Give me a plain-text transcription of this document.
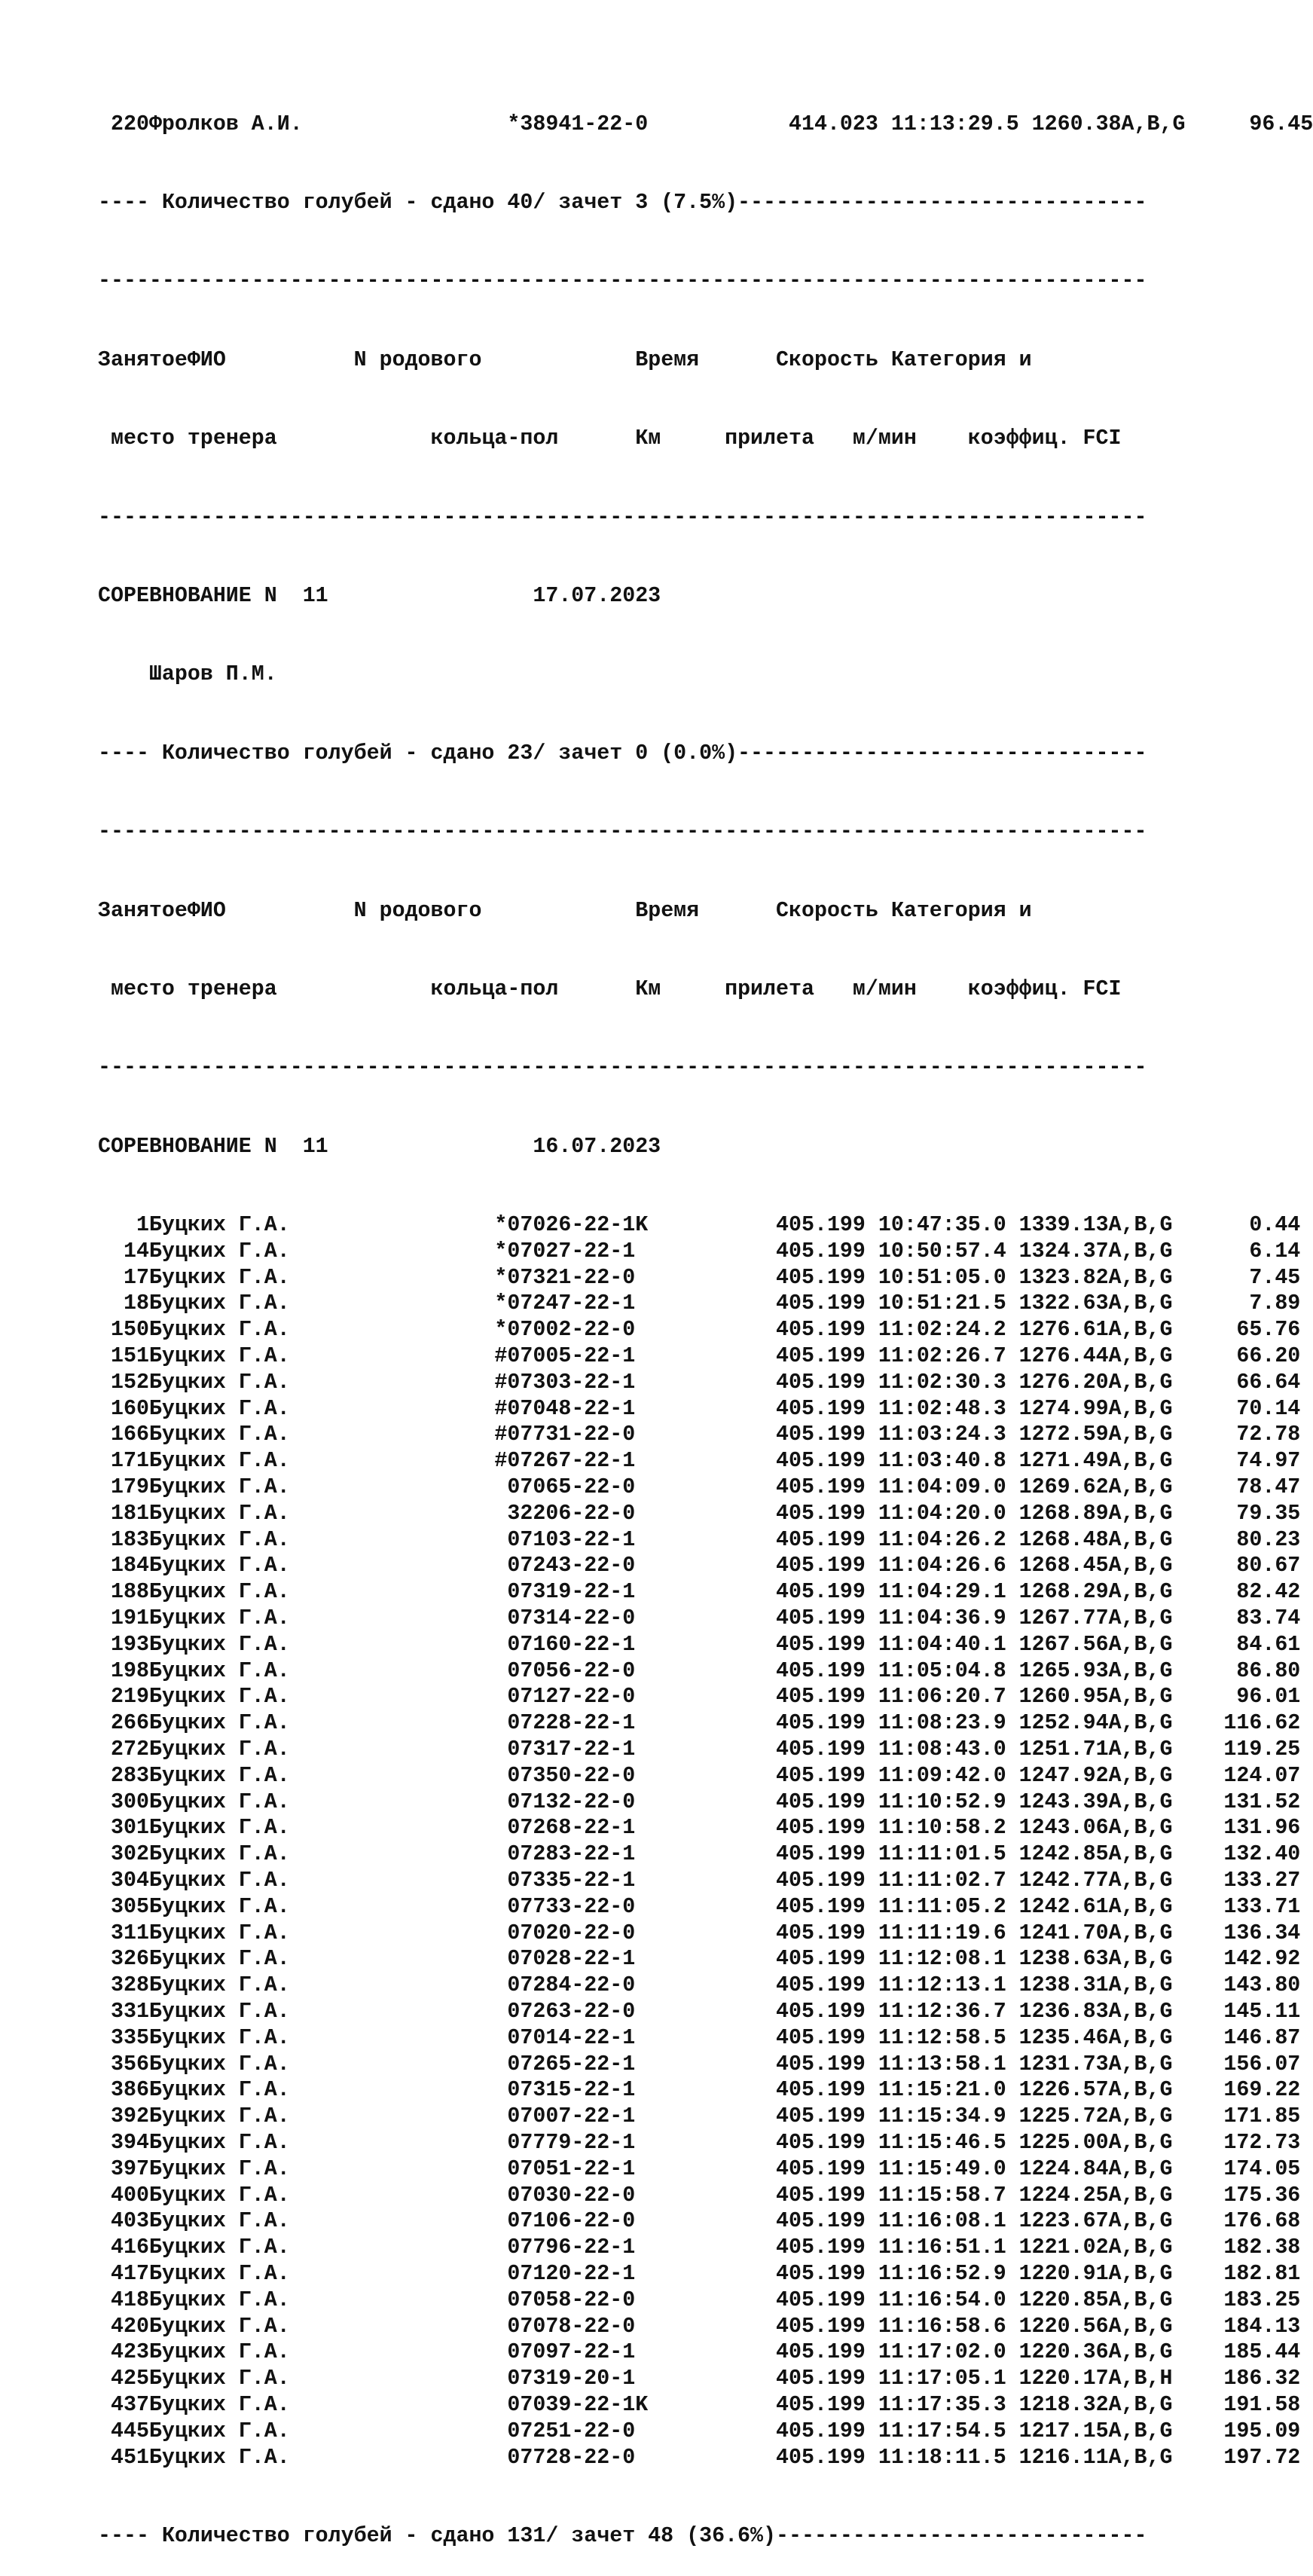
220Фролков А.И.                *38941-22-0           414.023 11:13:29.5 1260.38A,B,G     96.45

---- Количество голубей - сдано 40/ зачет 3 (7.5%)--------------------------------

----------------------------------------------------------------------------------

ЗанятоеФИО          N родового            Время      Скорость Категория и

место тренера            кольца-пол      Км     прилета   м/мин    коэффиц. FCI

----------------------------------------------------------------------------------

СОРЕВНОВАНИЕ N  11                17.07.2023

Шаров П.М.

---- Количество голубей - сдано 23/ зачет 0 (0.0%)--------------------------------

----------------------------------------------------------------------------------

ЗанятоеФИО          N родового            Время      Скорость Категория и

место тренера            кольца-пол      Км     прилета   м/мин    коэффиц. FCI

----------------------------------------------------------------------------------

СОРЕВНОВАНИЕ N  11                16.07.2023

1Буцких Г.А.                *07026-22-1K          405.199 10:47:35.0 1339.13A,B,G      0.44
14Буцких Г.А.                *07027-22-1           405.199 10:50:57.4 1324.37A,B,G      6.14
17Буцких Г.А.                *07321-22-0           405.199 10:51:05.0 1323.82A,B,G      7.45
18Буцких Г.А.                *07247-22-1           405.199 10:51:21.5 1322.63A,B,G      7.89
150Буцких Г.А.                *07002-22-0           405.199 11:02:24.2 1276.61A,B,G     65.76
151Буцких Г.А.                #07005-22-1           405.199 11:02:26.7 1276.44A,B,G     66.20
152Буцких Г.А.                #07303-22-1           405.199 11:02:30.3 1276.20A,B,G     66.64
160Буцких Г.А.                #07048-22-1           405.199 11:02:48.3 1274.99A,B,G     70.14
166Буцких Г.А.                #07731-22-0           405.199 11:03:24.3 1272.59A,B,G     72.78
171Буцких Г.А.                #07267-22-1           405.199 11:03:40.8 1271.49A,B,G     74.97
179Буцких Г.А.	07065-22-0           405.199 11:04:09.0 1269.62A,B,G     78.47
181Буцких Г.А.	32206-22-0           405.199 11:04:20.0 1268.89A,B,G     79.35
183Буцких Г.А.	07103-22-1           405.199 11:04:26.2 1268.48A,B,G     80.23
184Буцких Г.А.	07243-22-0           405.199 11:04:26.6 1268.45A,B,G     80.67
188Буцких Г.А.	07319-22-1           405.199 11:04:29.1 1268.29A,B,G     82.42
191Буцких Г.А.	07314-22-0           405.199 11:04:36.9 1267.77A,B,G     83.74
193Буцких Г.А.	07160-22-1           405.199 11:04:40.1 1267.56A,B,G     84.61
198Буцких Г.А.	07056-22-0           405.199 11:05:04.8 1265.93A,B,G     86.80
219Буцких Г.А.	07127-22-0           405.199 11:06:20.7 1260.95A,B,G     96.01
266Буцких Г.А.	07228-22-1           405.199 11:08:23.9 1252.94A,B,G    116.62
272Буцких Г.А.	07317-22-1           405.199 11:08:43.0 1251.71A,B,G    119.25
283Буцких Г.А.	07350-22-0           405.199 11:09:42.0 1247.92A,B,G    124.07
300Буцких Г.А.	07132-22-0           405.199 11:10:52.9 1243.39A,B,G    131.52
301Буцких Г.А.	07268-22-1           405.199 11:10:58.2 1243.06A,B,G    131.96
302Буцких Г.А.	07283-22-1           405.199 11:11:01.5 1242.85A,B,G    132.40
304Буцких Г.А.	07335-22-1           405.199 11:11:02.7 1242.77A,B,G    133.27
305Буцких Г.А.	07733-22-0           405.199 11:11:05.2 1242.61A,B,G    133.71
311Буцких Г.А.	07020-22-0           405.199 11:11:19.6 1241.70A,B,G    136.34
326Буцких Г.А.	07028-22-1           405.199 11:12:08.1 1238.63A,B,G    142.92
328Буцких Г.А.	07284-22-0           405.199 11:12:13.1 1238.31A,B,G    143.80
331Буцких Г.А.	07263-22-0           405.199 11:12:36.7 1236.83A,B,G    145.11
335Буцких Г.А.	07014-22-1           405.199 11:12:58.5 1235.46A,B,G    146.87
356Буцких Г.А.	07265-22-1           405.199 11:13:58.1 1231.73A,B,G    156.07
386Буцких Г.А.	07315-22-1           405.199 11:15:21.0 1226.57A,B,G    169.22
392Буцких Г.А.	07007-22-1           405.199 11:15:34.9 1225.72A,B,G    171.85
394Буцких Г.А.	07779-22-1           405.199 11:15:46.5 1225.00A,B,G    172.73
397Буцких Г.А.	07051-22-1           405.199 11:15:49.0 1224.84A,B,G    174.05
400Буцких Г.А.	07030-22-0           405.199 11:15:58.7 1224.25A,B,G    175.36
403Буцких Г.А.	07106-22-0           405.199 11:16:08.1 1223.67A,B,G    176.68
416Буцких Г.А.	07796-22-1           405.199 11:16:51.1 1221.02A,B,G    182.38
417Буцких Г.А.	07120-22-1           405.199 11:16:52.9 1220.91A,B,G    182.81
418Буцких Г.А.	07058-22-0           405.199 11:16:54.0 1220.85A,B,G    183.25
420Буцких Г.А.	07078-22-0           405.199 11:16:58.6 1220.56A,B,G    184.13
423Буцких Г.А.	07097-22-1           405.199 11:17:02.0 1220.36A,B,G    185.44
425Буцких Г.А.	07319-20-1           405.199 11:17:05.1 1220.17A,B,H    186.32
437Буцких Г.А.	07039-22-1K          405.199 11:17:35.3 1218.32A,B,G    191.58
445Буцких Г.А.	07251-22-0           405.199 11:17:54.5 1217.15A,B,G    195.09
451Буцких Г.А.	07728-22-0           405.199 11:18:11.5 1216.11A,B,G    197.72

---- Количество голубей - сдано 131/ зачет 48 (36.6%)-----------------------------
